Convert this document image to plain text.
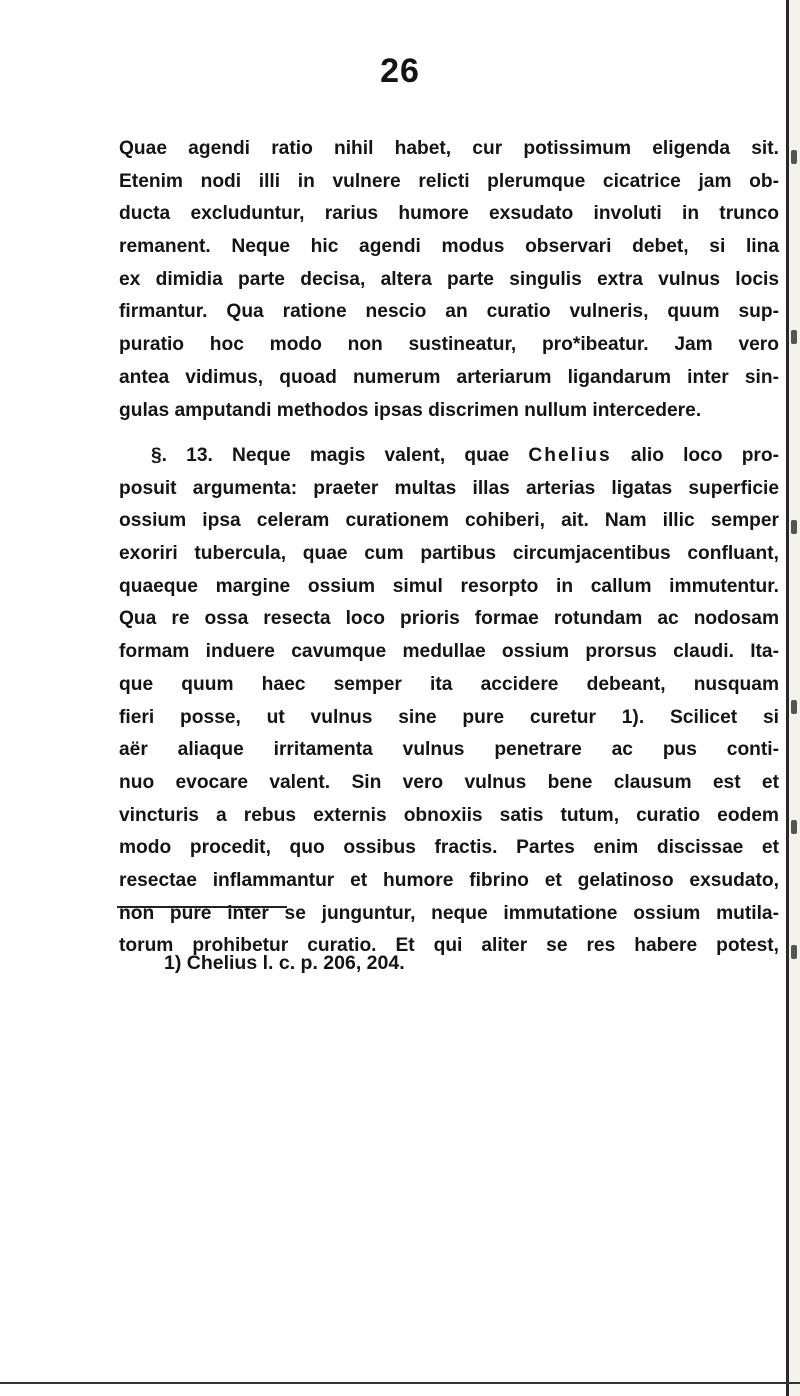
26
Quae agendi ratio nihil habet, cur potissimum eligenda sit.
Etenim nodi illi in vulnere relicti plerumque cicatrice jam ob-
ducta excluduntur, rarius humore exsudato involuti in trunco
remanent. Neque hic agendi modus observari debet, si lina
ex dimidia parte decisa, altera parte singulis extra vulnus locis
firmantur. Qua ratione nescio an curatio vulneris, quum sup-
puratio hoc modo non sustineatur, pro*ibeatur. Jam vero
antea vidimus, quoad numerum arteriarum ligandarum inter sin-
gulas amputandi methodos ipsas discrimen nullum intercedere.
§. 13. Neque magis valent, quae Chelius alio loco pro-
posuit argumenta: praeter multas illas arterias ligatas superficie
ossium ipsa celeram curationem cohiberi, ait. Nam illic semper
exoriri tubercula, quae cum partibus circumjacentibus confluant,
quaeque margine ossium simul resorpto in callum immutentur.
Qua re ossa resecta loco prioris formae rotundam ac nodosam
formam induere cavumque medullae ossium prorsus claudi. Ita-
que quum haec semper ita accidere debeant, nusquam
fieri posse, ut vulnus sine pure curetur 1). Scilicet si
aër aliaque irritamenta vulnus penetrare ac pus conti-
nuo evocare valent. Sin vero vulnus bene clausum est et
vincturis a rebus externis obnoxiis satis tutum, curatio eodem
modo procedit, quo ossibus fractis. Partes enim discissae et
resectae inflammantur et humore fibrino et gelatinoso exsudato,
non pure inter se junguntur, neque immutatione ossium mutila-
torum prohibetur curatio. Et qui aliter se res habere potest,
1) Chelius l. c. p. 206, 204.
